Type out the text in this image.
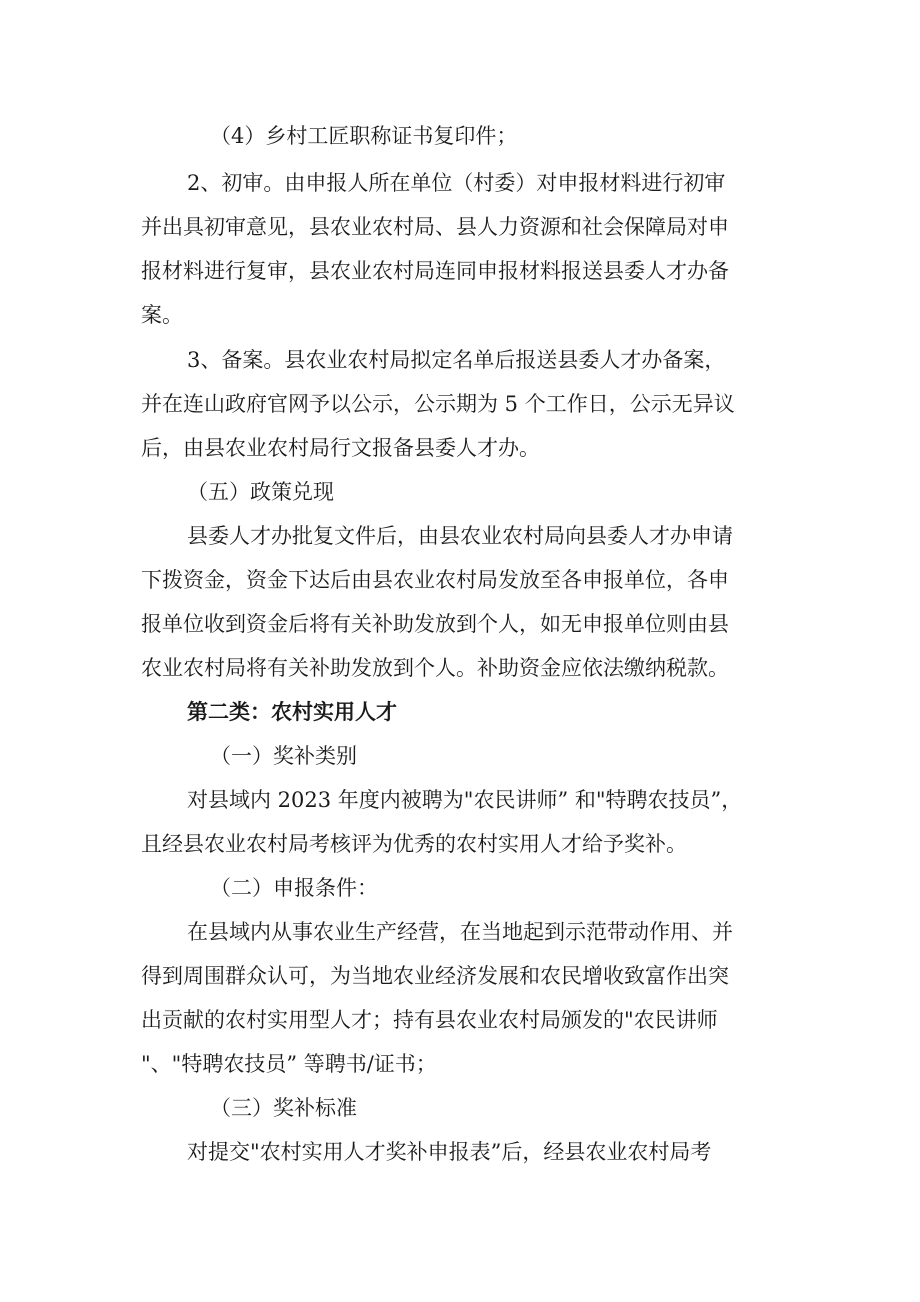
（4）乡村工匠职称证书复印件；
2、初审。由申报人所在单位（村委）对申报材料进行初审
并出具初审意见，县农业农村局、县人力资源和社会保障局对申
报材料进行复审，县农业农村局连同申报材料报送县委人才办备
案。
3、备案。县农业农村局拟定名单后报送县委人才办备案，
并在连山政府官网予以公示，公示期为 5 个工作日，公示无异议
后，由县农业农村局行文报备县委人才办。
（五）政策兑现
县委人才办批复文件后，由县农业农村局向县委人才办申请
下拨资金，资金下达后由县农业农村局发放至各申报单位，各申
报单位收到资金后将有关补助发放到个人，如无申报单位则由县
农业农村局将有关补助发放到个人。补助资金应依法缴纳税款。
第二类：农村实用人才
（一）奖补类别
对县域内 2023 年度内被聘为"农民讲师” 和"特聘农技员”，
且经县农业农村局考核评为优秀的农村实用人才给予奖补。
（二）申报条件：
在县域内从事农业生产经营，在当地起到示范带动作用、并
得到周围群众认可，为当地农业经济发展和农民增收致富作出突
出贡献的农村实用型人才；持有县农业农村局颁发的"农民讲师
"、"特聘农技员” 等聘书/证书；
（三）奖补标准
对提交"农村实用人才奖补申报表”后，经县农业农村局考
